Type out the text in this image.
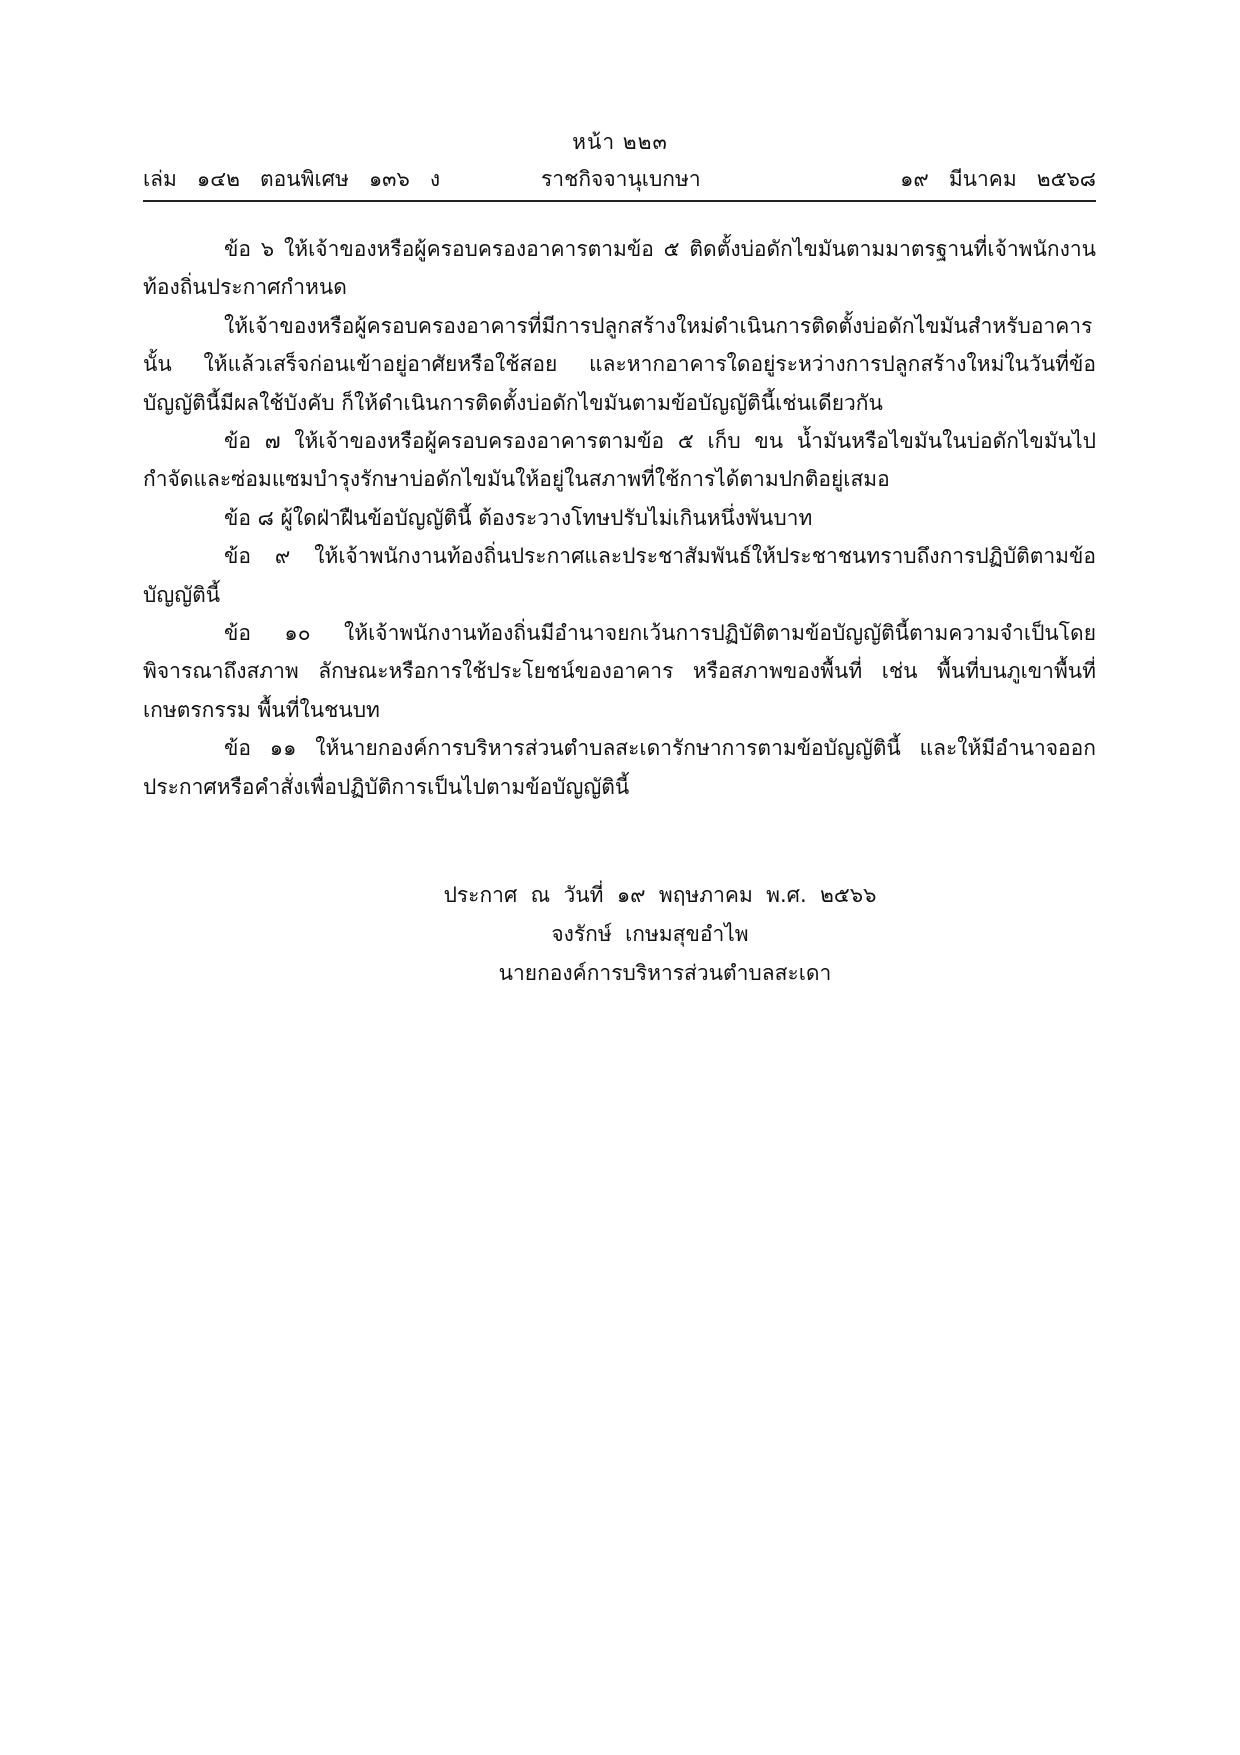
หน้า ๒๒๓
เล่ม   ๑๔๒   ตอนพิเศษ   ๑๓๖   ง	ราชกิจจานุเบกษา	๑๙   มีนาคม   ๒๕๖๘

ข้อ ๖ ให้เจ้าของหรือผู้ครอบครองอาคารตามข้อ ๕ ติดตั้งบ่อดักไขมันตามมาตรฐานที่เจ้าพนักงานท้องถิ่นประกาศกำหนด

ให้เจ้าของหรือผู้ครอบครองอาคารที่มีการปลูกสร้างใหม่ดำเนินการติดตั้งบ่อดักไขมันสำหรับอาคารนั้น ให้แล้วเสร็จก่อนเข้าอยู่อาศัยหรือใช้สอย และหากอาคารใดอยู่ระหว่างการปลูกสร้างใหม่ในวันที่ข้อบัญญัตินี้มีผลใช้บังคับ ก็ให้ดำเนินการติดตั้งบ่อดักไขมันตามข้อบัญญัตินี้เช่นเดียวกัน

ข้อ ๗ ให้เจ้าของหรือผู้ครอบครองอาคารตามข้อ ๕ เก็บ ขน น้ำมันหรือไขมันในบ่อดักไขมันไปกำจัดและซ่อมแซมบำรุงรักษาบ่อดักไขมันให้อยู่ในสภาพที่ใช้การได้ตามปกติอยู่เสมอ

ข้อ ๘ ผู้ใดฝ่าฝืนข้อบัญญัตินี้ ต้องระวางโทษปรับไม่เกินหนึ่งพันบาท

ข้อ ๙ ให้เจ้าพนักงานท้องถิ่นประกาศและประชาสัมพันธ์ให้ประชาชนทราบถึงการปฏิบัติตามข้อบัญญัตินี้

ข้อ ๑๐ ให้เจ้าพนักงานท้องถิ่นมีอำนาจยกเว้นการปฏิบัติตามข้อบัญญัตินี้ตามความจำเป็นโดยพิจารณาถึงสภาพ ลักษณะหรือการใช้ประโยชน์ของอาคาร หรือสภาพของพื้นที่ เช่น พื้นที่บนภูเขาพื้นที่เกษตรกรรม พื้นที่ในชนบท

ข้อ ๑๑ ให้นายกองค์การบริหารส่วนตำบลสะเดารักษาการตามข้อบัญญัตินี้ และให้มีอำนาจออกประกาศหรือคำสั่งเพื่อปฏิบัติการเป็นไปตามข้อบัญญัตินี้

ประกาศ  ณ  วันที่  ๑๙  พฤษภาคม  พ.ศ.  ๒๕๖๖
จงรักษ์  เกษมสุขอำไพ
นายกองค์การบริหารส่วนตำบลสะเดา
